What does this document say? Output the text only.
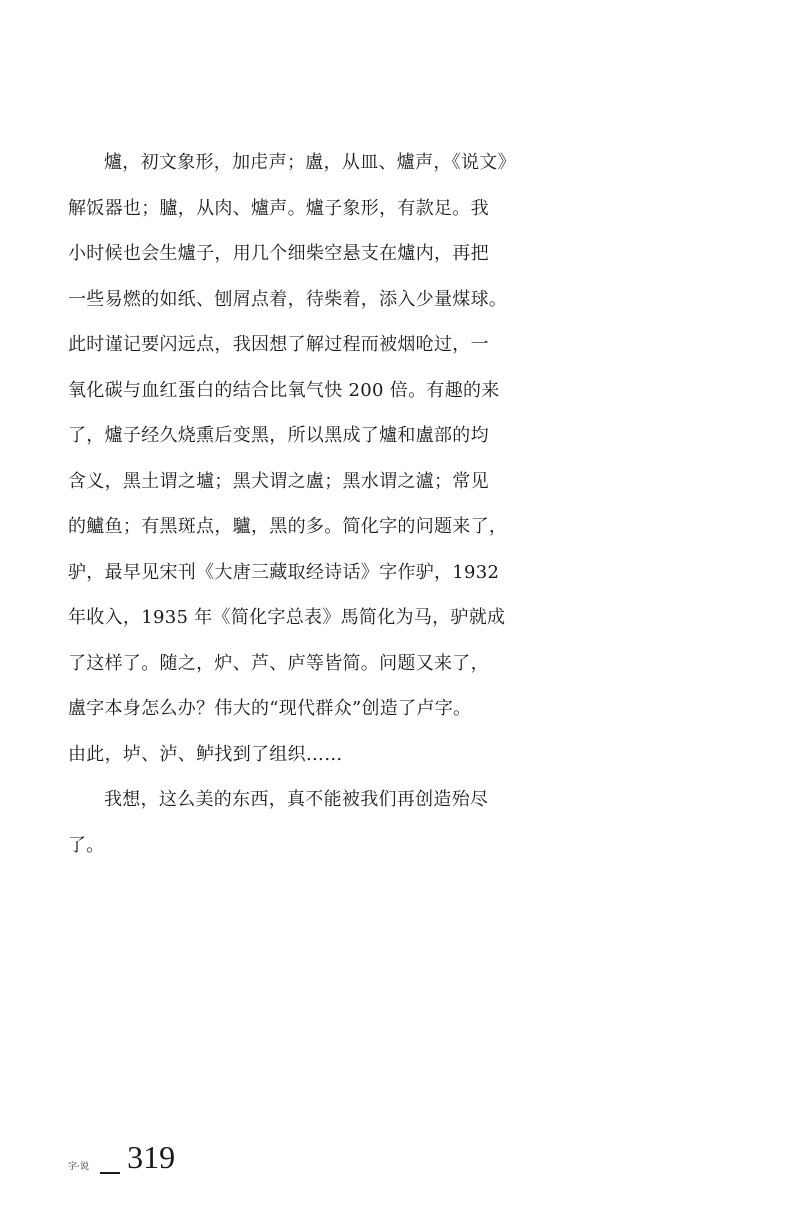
爐，初文象形，加虍声；盧，从皿、爐声，《说文》
解饭器也；臚，从肉、爐声。爐子象形，有款足。我
小时候也会生爐子，用几个细柴空悬支在爐内，再把
一些易燃的如纸、刨屑点着，待柴着，添入少量煤球。
此时谨记要闪远点，我因想了解过程而被烟呛过，一
氧化碳与血红蛋白的结合比氧气快 200 倍。有趣的来
了，爐子经久烧熏后变黑，所以黑成了爐和盧部的均
含义，黑土谓之壚；黑犬谓之盧；黑水谓之瀘；常见
的鱸鱼；有黑斑点，驢，黑的多。简化字的问题来了，
驴，最早见宋刊《大唐三藏取经诗话》字作驴，1932
年收入，1935 年《简化字总表》馬简化为马，驴就成
了这样了。随之，炉、芦、庐等皆简。问题又来了，
盧字本身怎么办？伟大的“现代群众”创造了卢字。
由此，垆、泸、鲈找到了组织……
我想，这么美的东西，真不能被我们再创造殆尽
了。
字·说 319
